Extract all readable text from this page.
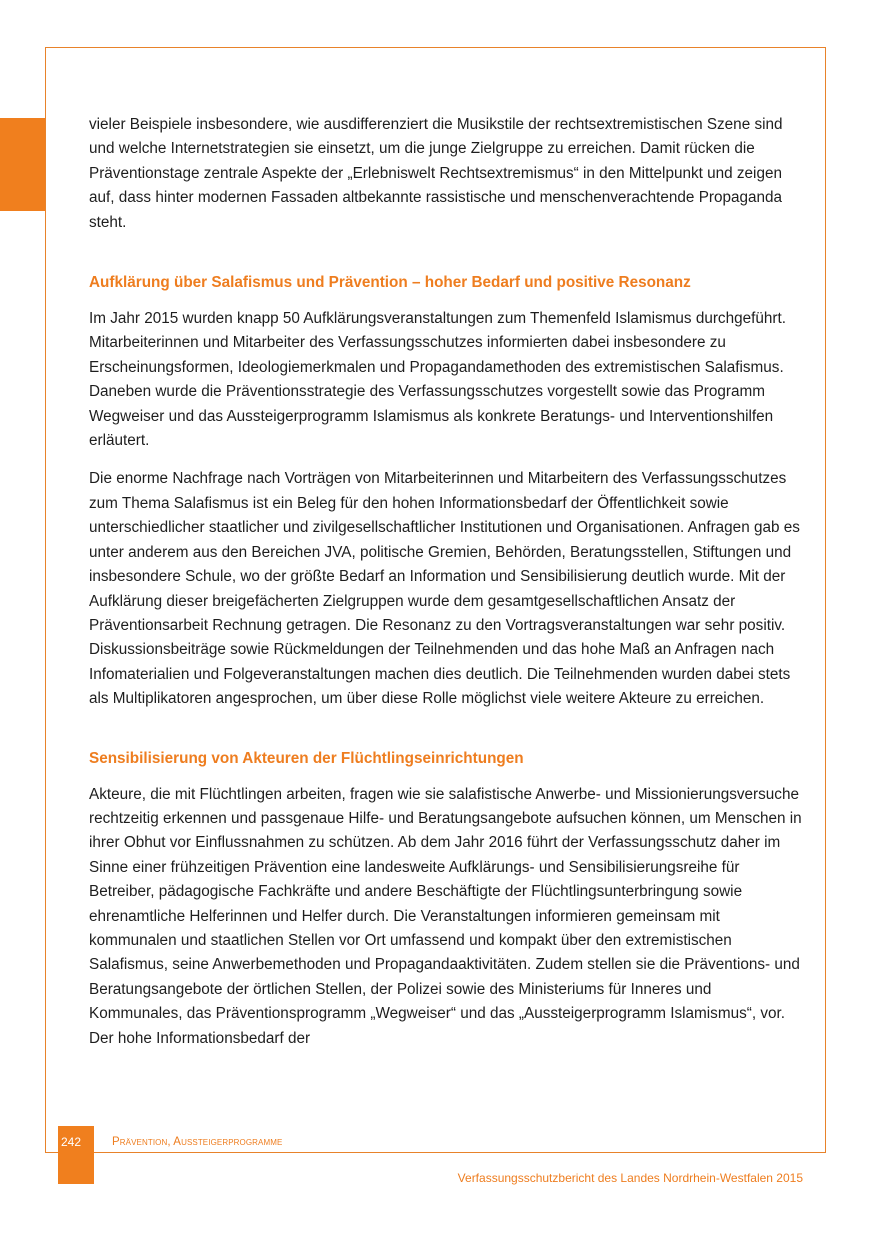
vieler Beispiele insbesondere, wie ausdifferenziert die Musikstile der rechtsextremistischen Szene sind und welche Internetstrategien sie einsetzt, um die junge Zielgruppe zu erreichen. Damit rücken die Präventionstage zentrale Aspekte der „Erlebniswelt Rechtsextremismus“ in den Mittelpunkt und zeigen auf, dass hinter modernen Fassaden altbekannte rassistische und menschenverachtende Propaganda steht.

Aufklärung über Salafismus und Prävention – hoher Bedarf und positive Resonanz

Im Jahr 2015 wurden knapp 50 Aufklärungsveranstaltungen zum Themenfeld Islamismus durchgeführt. Mitarbeiterinnen und Mitarbeiter des Verfassungsschutzes informierten dabei insbesondere zu Erscheinungsformen, Ideologiemerkmalen und Propagandamethoden des extremistischen Salafismus. Daneben wurde die Präventionsstrategie des Verfassungsschutzes vorgestellt sowie das Programm Wegweiser und das Aussteigerprogramm Islamismus als konkrete Beratungs- und Interventionshilfen erläutert.

Die enorme Nachfrage nach Vorträgen von Mitarbeiterinnen und Mitarbeitern des Verfassungsschutzes zum Thema Salafismus ist ein Beleg für den hohen Informationsbedarf der Öffentlichkeit sowie unterschiedlicher staatlicher und zivilgesellschaftlicher Institutionen und Organisationen. Anfragen gab es unter anderem aus den Bereichen JVA, politische Gremien, Behörden, Beratungsstellen, Stiftungen und insbesondere Schule, wo der größte Bedarf an Information und Sensibilisierung deutlich wurde. Mit der Aufklärung dieser breigefächerten Zielgruppen wurde dem gesamtgesellschaftlichen Ansatz der Präventionsarbeit Rechnung getragen. Die Resonanz zu den Vortragsveranstaltungen war sehr positiv. Diskussionsbeiträge sowie Rückmeldungen der Teilnehmenden und das hohe Maß an Anfragen nach Infomaterialien und Folgeveranstaltungen machen dies deutlich. Die Teilnehmenden wurden dabei stets als Multiplikatoren angesprochen, um über diese Rolle möglichst viele weitere Akteure zu erreichen.

Sensibilisierung von Akteuren der Flüchtlingseinrichtungen

Akteure, die mit Flüchtlingen arbeiten, fragen wie sie salafistische Anwerbe- und Missionierungsversuche rechtzeitig erkennen und passgenaue Hilfe- und Beratungsangebote aufsuchen können, um Menschen in ihrer Obhut vor Einflussnahmen zu schützen. Ab dem Jahr 2016 führt der Verfassungsschutz daher im Sinne einer frühzeitigen Prävention eine landesweite Aufklärungs- und Sensibilisierungsreihe für Betreiber, pädagogische Fachkräfte und andere Beschäftigte der Flüchtlingsunterbringung sowie ehrenamtliche Helferinnen und Helfer durch. Die Veranstaltungen informieren gemeinsam mit kommunalen und staatlichen Stellen vor Ort umfassend und kompakt über den extremistischen Salafismus, seine Anwerbemethoden und Propagandaaktivitäten. Zudem stellen sie die Präventions- und Beratungsangebote der örtlichen Stellen, der Polizei sowie des Ministeriums für Inneres und Kommunales, das Präventionsprogramm „Wegweiser“ und das „Aussteigerprogramm Islamismus“, vor. Der hohe Informationsbedarf der

242	Prävention, Aussteigerprogramme
Verfassungsschutzbericht des Landes Nordrhein-Westfalen 2015
